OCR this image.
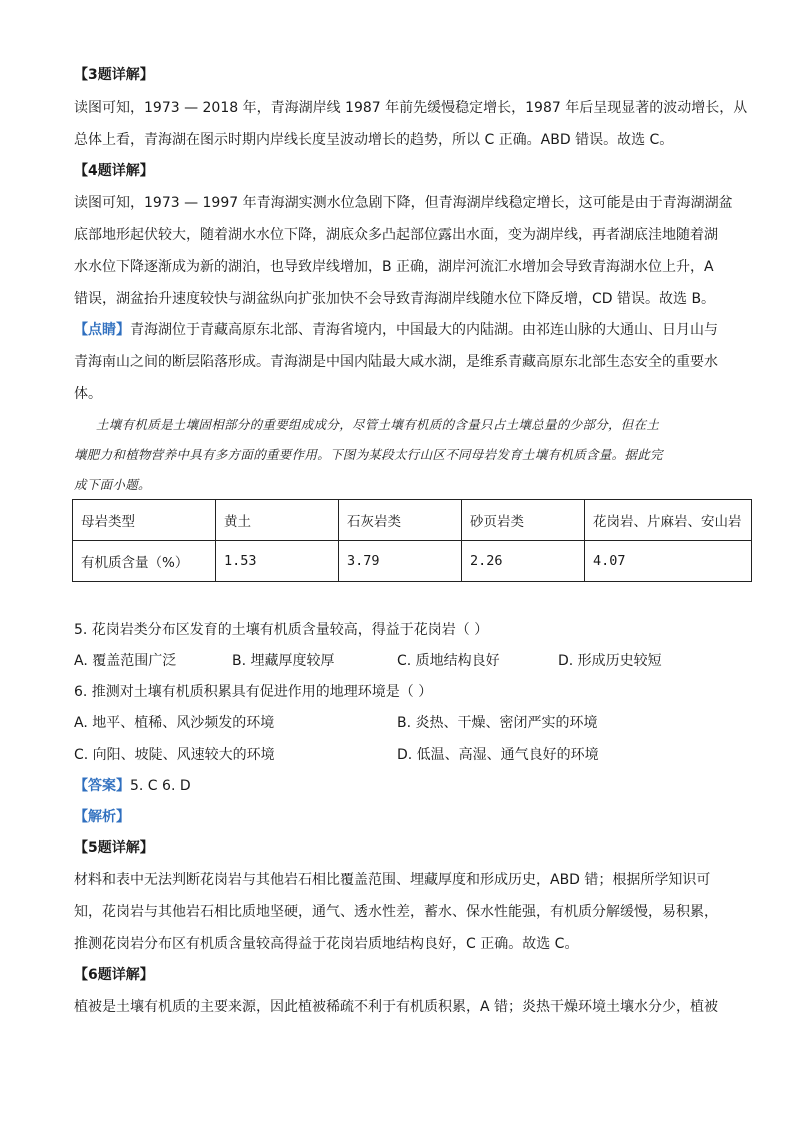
【3题详解】
读图可知，1973 — 2018 年，青海湖岸线 1987 年前先缓慢稳定增长，1987 年后呈现显著的波动增长，从
总体上看，青海湖在图示时期内岸线长度呈波动增长的趋势，所以 C 正确。ABD 错误。故选 C。
【4题详解】
读图可知，1973 — 1997 年青海湖实测水位急剧下降，但青海湖岸线稳定增长，这可能是由于青海湖湖盆
底部地形起伏较大，随着湖水水位下降，湖底众多凸起部位露出水面，变为湖岸线，再者湖底洼地随着湖
水水位下降逐渐成为新的湖泊，也导致岸线增加，B 正确，湖岸河流汇水增加会导致青海湖水位上升，A
错误，湖盆抬升速度较快与湖盆纵向扩张加快不会导致青海湖岸线随水位下降反增，CD 错误。故选 B。
【点睛】青海湖位于青藏高原东北部、青海省境内，中国最大的内陆湖。由祁连山脉的大通山、日月山与
青海南山之间的断层陷落形成。青海湖是中国内陆最大咸水湖，是维系青藏高原东北部生态安全的重要水
体。
土壤有机质是土壤固相部分的重要组成成分，尽管土壤有机质的含量只占土壤总量的少部分，但在土
壤肥力和植物营养中具有多方面的重要作用。下图为某段太行山区不同母岩发育土壤有机质含量。据此完
成下面小题。
母岩类型	黄土	石灰岩类	砂页岩类	花岗岩、片麻岩、安山岩
有机质含量（%）	1.53	3.79	2.26	4.07
5. 花岗岩类分布区发育的土壤有机质含量较高，得益于花岗岩（ ）
A. 覆盖范围广泛	B. 埋藏厚度较厚	C. 质地结构良好	D. 形成历史较短
6. 推测对土壤有机质积累具有促进作用的地理环境是（ ）
A. 地平、植稀、风沙频发的环境	B. 炎热、干燥、密闭严实的环境
C. 向阳、坡陡、风速较大的环境	D. 低温、高湿、通气良好的环境
【答案】5. C 6. D
【解析】
【5题详解】
材料和表中无法判断花岗岩与其他岩石相比覆盖范围、埋藏厚度和形成历史，ABD 错；根据所学知识可
知，花岗岩与其他岩石相比质地坚硬，通气、透水性差，蓄水、保水性能强，有机质分解缓慢，易积累，
推测花岗岩分布区有机质含量较高得益于花岗岩质地结构良好，C 正确。故选 C。
【6题详解】
植被是土壤有机质的主要来源，因此植被稀疏不利于有机质积累，A 错；炎热干燥环境土壤水分少，植被
